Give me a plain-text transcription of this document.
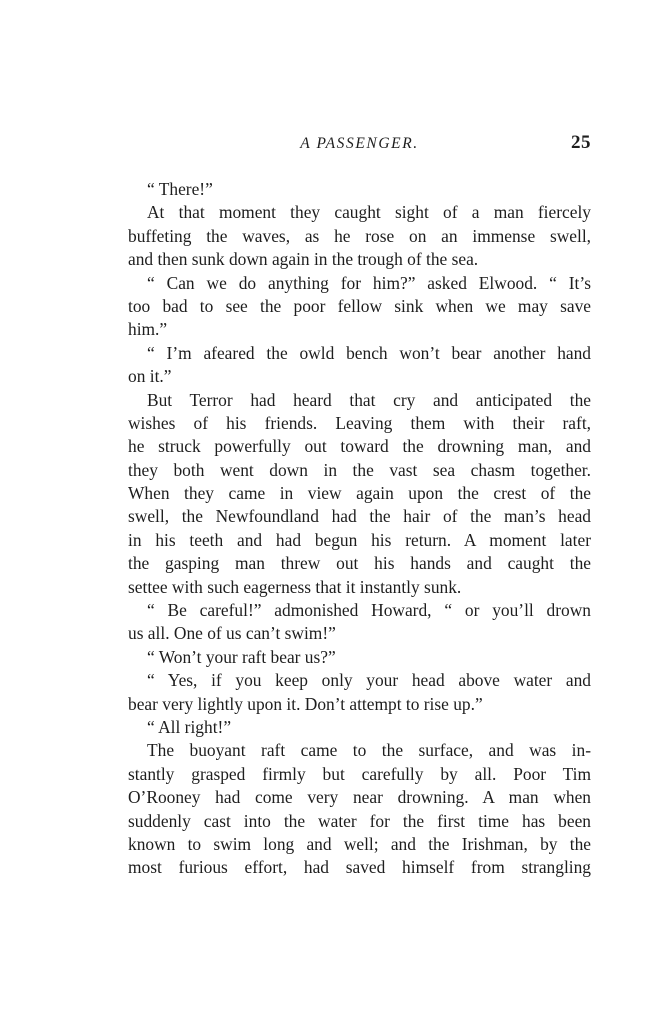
A PASSENGER.	25
“ There!”
At that moment they caught sight of a man fiercely
buffeting the waves, as he rose on an immense swell,
and then sunk down again in the trough of the sea.
“ Can we do anything for him?” asked Elwood. “ It’s
too bad to see the poor fellow sink when we may save
him.”
“ I’m afeared the owld bench won’t bear another hand
on it.”
But Terror had heard that cry and anticipated the
wishes of his friends. Leaving them with their raft,
he struck powerfully out toward the drowning man, and
they both went down in the vast sea chasm together.
When they came in view again upon the crest of the
swell, the Newfoundland had the hair of the man’s head
in his teeth and had begun his return. A moment later
the gasping man threw out his hands and caught the
settee with such eagerness that it instantly sunk.
“ Be careful!” admonished Howard, “ or you’ll drown
us all. One of us can’t swim!”
“ Won’t your raft bear us?”
“ Yes, if you keep only your head above water and
bear very lightly upon it. Don’t attempt to rise up.”
“ All right!”
The buoyant raft came to the surface, and was in-
stantly grasped firmly but carefully by all. Poor Tim
O’Rooney had come very near drowning. A man when
suddenly cast into the water for the first time has been
known to swim long and well; and the Irishman, by the
most furious effort, had saved himself from strangling
